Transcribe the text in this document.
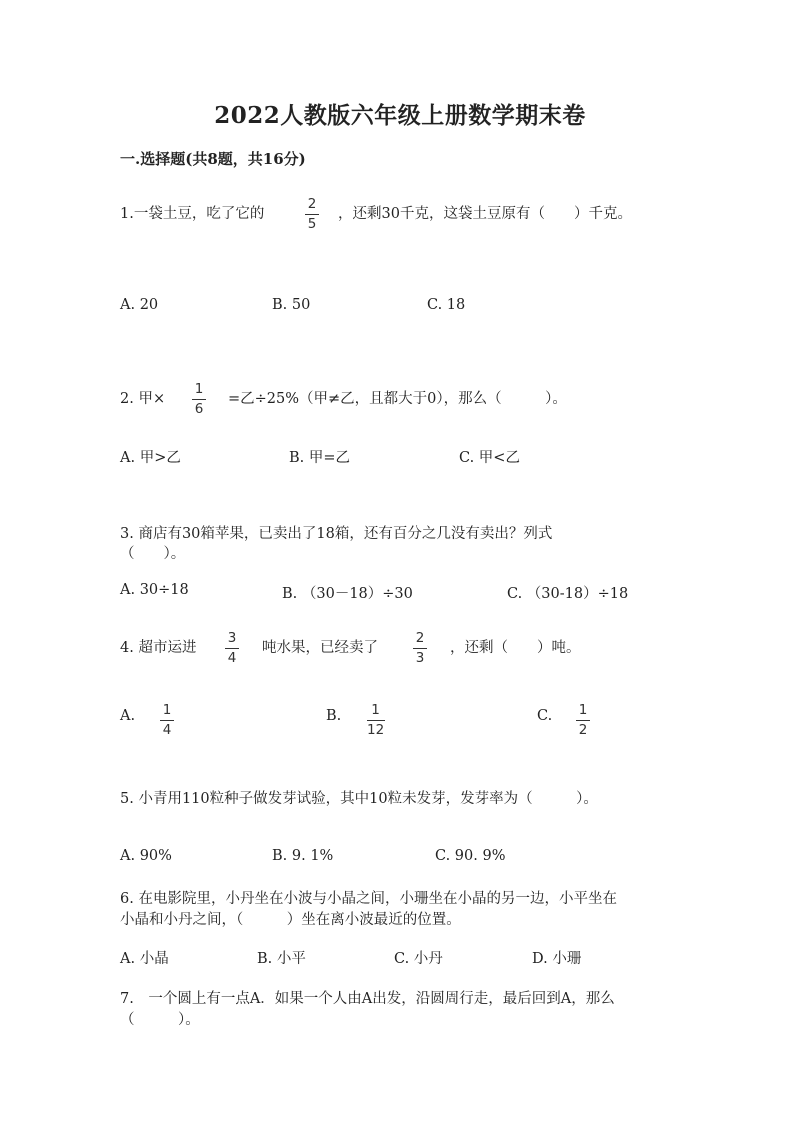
2022人教版六年级上册数学期末卷
一.选择题(共8题，共16分)
1.一袋土豆，吃了它的
2
5
，还剩30千克，这袋土豆原有（　　）千克。
A. 20	B. 50	C. 18
2. 甲×
1
6
=乙÷25%（甲≠乙，且都大于0），那么（　　　）。
A. 甲>乙	B. 甲=乙	C. 甲<乙
3. 商店有30箱苹果，已卖出了18箱，还有百分之几没有卖出？列式
（　　）。
A. 30÷18	B. （30－18）÷30	C. （30-18）÷18
4. 超市运进
3
4
吨水果，已经卖了
2
3
，还剩（　　）吨。
A. 1
4
B. 1
12
C. 1
2
5. 小青用110粒种子做发芽试验，其中10粒未发芽，发芽率为（　　　）。
A. 90%	B. 9. 1%	C. 90. 9%
6. 在电影院里，小丹坐在小波与小晶之间，小珊坐在小晶的另一边，小平坐在
小晶和小丹之间，（　　　）坐在离小波最近的位置。
A. 小晶	B. 小平	C. 小丹	D. 小珊
7.　一个圆上有一点A．如果一个人由A出发，沿圆周行走，最后回到A，那么
（　　　）。
